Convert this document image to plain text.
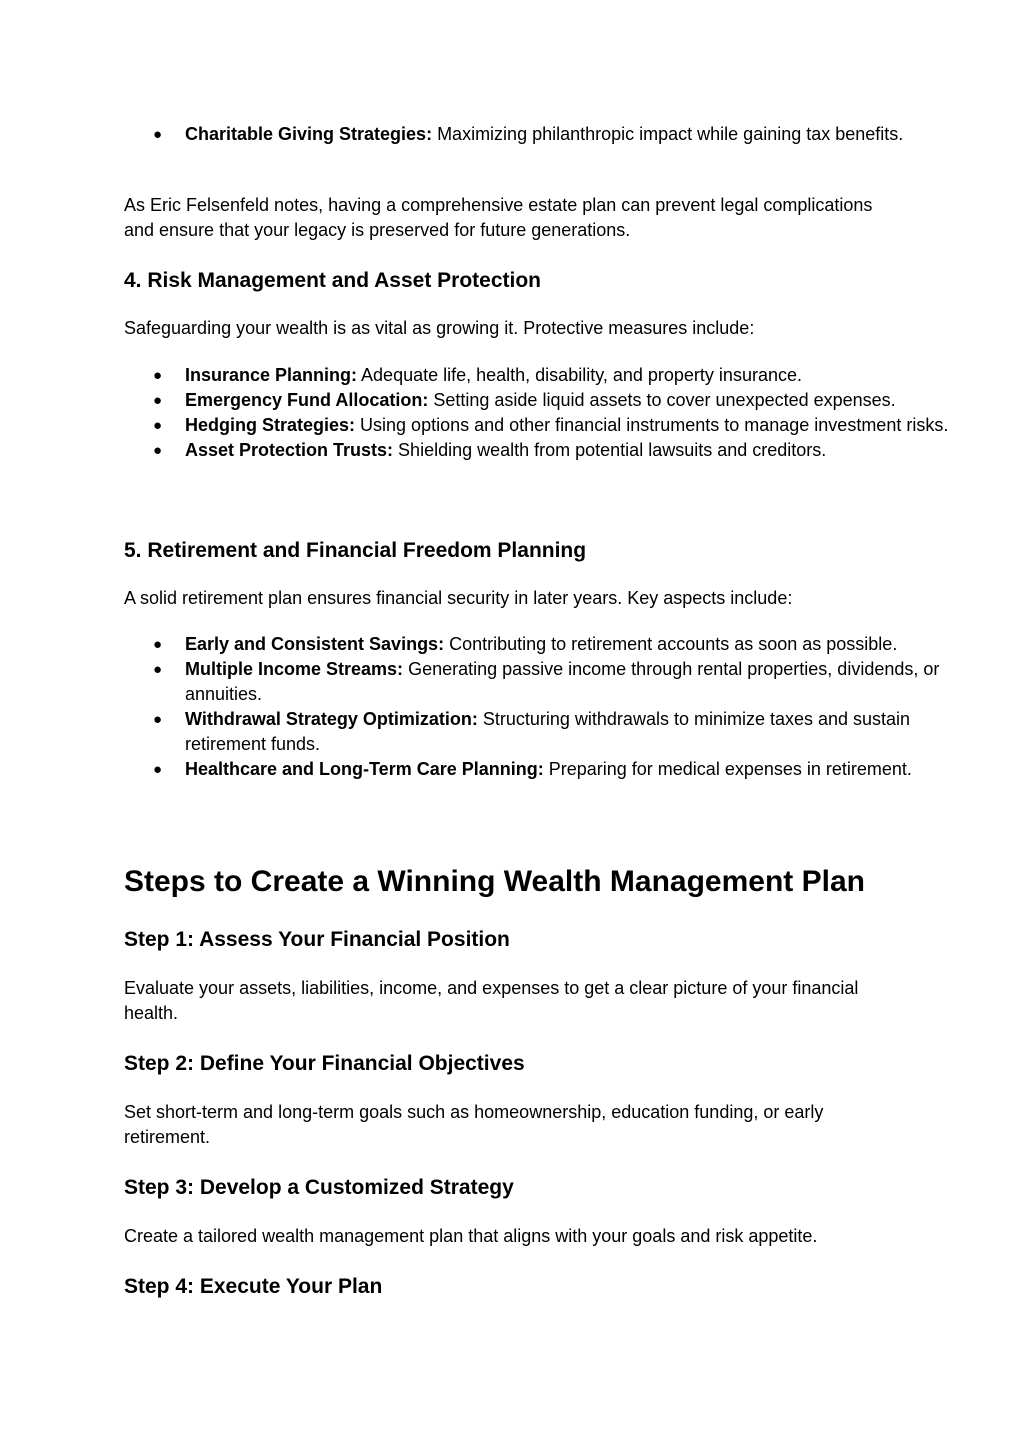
● Charitable Giving Strategies: Maximizing philanthropic impact while gaining tax benefits.

As Eric Felsenfeld notes, having a comprehensive estate plan can prevent legal complications and ensure that your legacy is preserved for future generations.

4. Risk Management and Asset Protection

Safeguarding your wealth is as vital as growing it. Protective measures include:

● Insurance Planning: Adequate life, health, disability, and property insurance.
● Emergency Fund Allocation: Setting aside liquid assets to cover unexpected expenses.
● Hedging Strategies: Using options and other financial instruments to manage investment risks.
● Asset Protection Trusts: Shielding wealth from potential lawsuits and creditors.
5. Retirement and Financial Freedom Planning

A solid retirement plan ensures financial security in later years. Key aspects include:

● Early and Consistent Savings: Contributing to retirement accounts as soon as possible.
● Multiple Income Streams: Generating passive income through rental properties, dividends, or annuities.
● Withdrawal Strategy Optimization: Structuring withdrawals to minimize taxes and sustain retirement funds.
● Healthcare and Long-Term Care Planning: Preparing for medical expenses in retirement.
Steps to Create a Winning Wealth Management Plan
Step 1: Assess Your Financial Position

Evaluate your assets, liabilities, income, and expenses to get a clear picture of your financial health.

Step 2: Define Your Financial Objectives

Set short-term and long-term goals such as homeownership, education funding, or early retirement.

Step 3: Develop a Customized Strategy

Create a tailored wealth management plan that aligns with your goals and risk appetite.

Step 4: Execute Your Plan
